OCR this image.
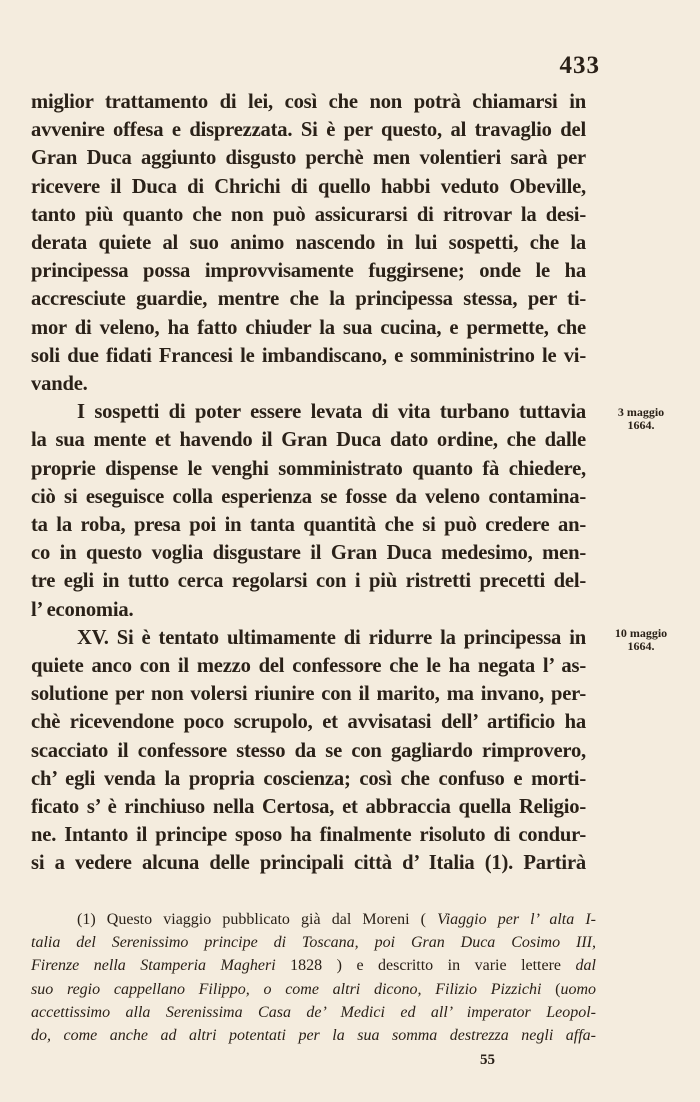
433
miglior trattamento di lei, così che non potrà chiamarsi in
avvenire offesa e disprezzata. Si è per questo, al travaglio del
Gran Duca aggiunto disgusto perchè men volentieri sarà per
ricevere il Duca di Chrichi di quello habbi veduto Obeville,
tanto più quanto che non può assicurarsi di ritrovar la desi-
derata quiete al suo animo nascendo in lui sospetti, che la
principessa possa improvvisamente fuggirsene; onde le ha
accresciute guardie, mentre che la principessa stessa, per ti-
mor di veleno, ha fatto chiuder la sua cucina, e permette, che
soli due fidati Francesi le imbandiscano, e somministrino le vi-
vande.
I sospetti di poter essere levata di vita turbano tuttavia
la sua mente et havendo il Gran Duca dato ordine, che dalle
proprie dispense le venghi somministrato quanto fà chiedere,
ciò si eseguisce colla esperienza se fosse da veleno contamina-
ta la roba, presa poi in tanta quantità che si può credere an-
co in questo voglia disgustare il Gran Duca medesimo, men-
tre egli in tutto cerca regolarsi con i più ristretti precetti del-
l’ economia.
XV. Si è tentato ultimamente di ridurre la principessa in
quiete anco con il mezzo del confessore che le ha negata l’ as-
solutione per non volersi riunire con il marito, ma invano, per-
chè ricevendone poco scrupolo, et avvisatasi dell’ artificio ha
scacciato il confessore stesso da se con gagliardo rimprovero,
ch’ egli venda la propria coscienza; così che confuso e morti-
ficato s’ è rinchiuso nella Certosa, et abbraccia quella Religio-
ne. Intanto il principe sposo ha finalmente risoluto di condur-
si a vedere alcuna delle principali città d’ Italia (1). Partirà
3 maggio
1664.
10 maggio
1664.
(1) Questo viaggio pubblicato già dal Moreni ( Viaggio per l’ alta I-
talia del Serenissimo principe di Toscana, poi Gran Duca Cosimo III,
Firenze nella Stamperia Magheri 1828 ) e descritto in varie lettere dal
suo regio cappellano Filippo, o come altri dicono, Filizio Pizzichi (uomo
accettissimo alla Serenissima Casa de’ Medici ed all’ imperator Leopol-
do, come anche ad altri potentati per la sua somma destrezza negli affa-
55
